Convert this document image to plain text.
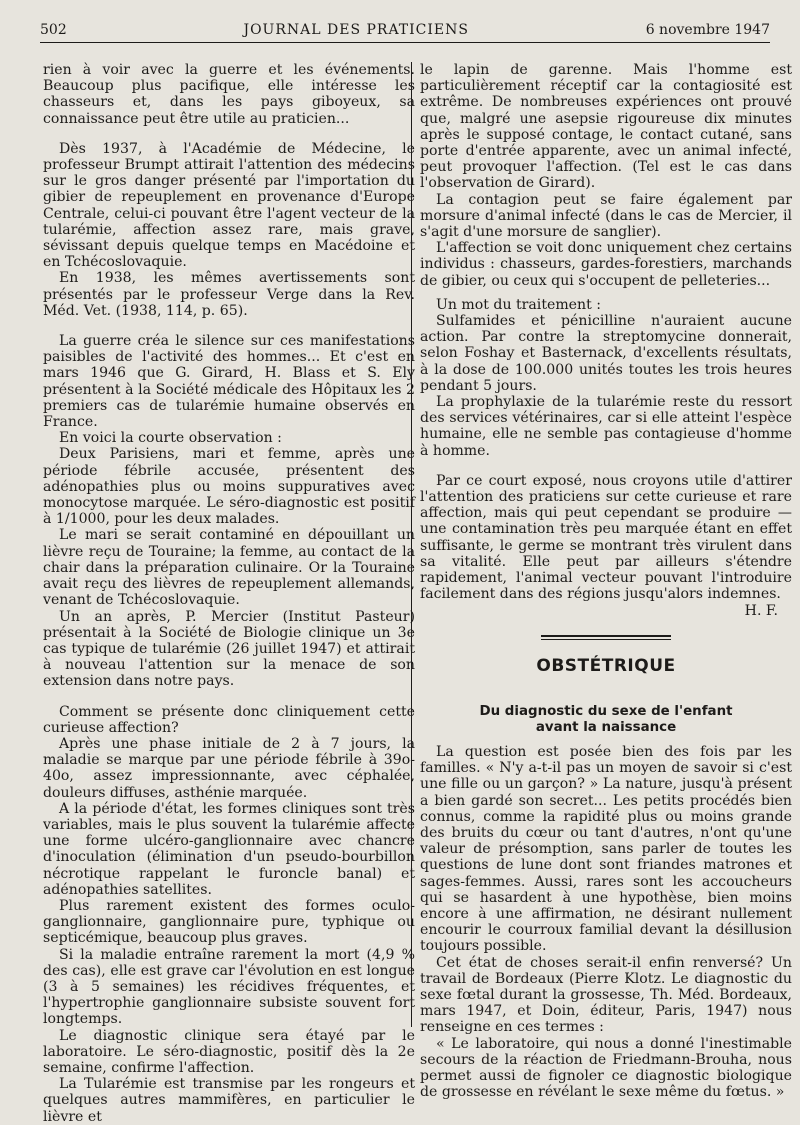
502	JOURNAL DES PRATICIENS	6 novembre 1947

rien à voir avec la guerre et les événements. Beaucoup plus pacifique, elle intéresse les chasseurs et, dans les pays giboyeux, sa connaissance peut être utile au praticien...

Dès 1937, à l'Académie de Médecine, le professeur Brumpt attirait l'attention des médecins sur le gros danger présenté par l'importation du gibier de repeuplement en provenance d'Europe Centrale, celui-ci pouvant être l'agent vecteur de la tularémie, affection assez rare, mais grave, sévissant depuis quelque temps en Macédoine et en Tchécoslovaquie.

En 1938, les mêmes avertissements sont présentés par le professeur Verge dans la Rev. Méd. Vet. (1938, 114, p. 65).

La guerre créa le silence sur ces manifestations paisibles de l'activité des hommes... Et c'est en mars 1946 que G. Girard, H. Blass et S. Ely présentent à la Société médicale des Hôpitaux les 2 premiers cas de tularémie humaine observés en France.

En voici la courte observation :

Deux Parisiens, mari et femme, après une période fébrile accusée, présentent des adénopathies plus ou moins suppuratives avec monocytose marquée. Le séro-diagnostic est positif à 1/1000, pour les deux malades.

Le mari se serait contaminé en dépouillant un lièvre reçu de Touraine; la femme, au contact de la chair dans la préparation culinaire. Or la Touraine avait reçu des lièvres de repeuplement allemands, venant de Tchécoslovaquie.

Un an après, P. Mercier (Institut Pasteur) présentait à la Société de Biologie clinique un 3e cas typique de tularémie (26 juillet 1947) et attirait à nouveau l'attention sur la menace de son extension dans notre pays.

Comment se présente donc cliniquement cette curieuse affection?

Après une phase initiale de 2 à 7 jours, la maladie se marque par une période fébrile à 39o-40o, assez impressionnante, avec céphalée, douleurs diffuses, asthénie marquée.

A la période d'état, les formes cliniques sont très variables, mais le plus souvent la tularémie affecte une forme ulcéro-ganglionnaire avec chancre d'inoculation (élimination d'un pseudo-bourbillon nécrotique rappelant le furoncle banal) et adénopathies satellites.

Plus rarement existent des formes oculo-ganglionnaire, ganglionnaire pure, typhique ou septicémique, beaucoup plus graves.

Si la maladie entraîne rarement la mort (4,9 % des cas), elle est grave car l'évolution en est longue (3 à 5 semaines) les récidives fréquentes, et l'hypertrophie ganglionnaire subsiste souvent fort longtemps.

Le diagnostic clinique sera étayé par le laboratoire. Le séro-diagnostic, positif dès la 2e semaine, confirme l'affection.

La Tularémie est transmise par les rongeurs et quelques autres mammifères, en particulier le lièvre et

le lapin de garenne. Mais l'homme est particulièrement réceptif car la contagiosité est extrême. De nombreuses expériences ont prouvé que, malgré une asepsie rigoureuse dix minutes après le supposé contage, le contact cutané, sans porte d'entrée apparente, avec un animal infecté, peut provoquer l'affection. (Tel est le cas dans l'observation de Girard).

La contagion peut se faire également par morsure d'animal infecté (dans le cas de Mercier, il s'agit d'une morsure de sanglier).

L'affection se voit donc uniquement chez certains individus : chasseurs, gardes-forestiers, marchands de gibier, ou ceux qui s'occupent de pelleteries...

Un mot du traitement :

Sulfamides et pénicilline n'auraient aucune action. Par contre la streptomycine donnerait, selon Foshay et Basternack, d'excellents résultats, à la dose de 100.000 unités toutes les trois heures pendant 5 jours.

La prophylaxie de la tularémie reste du ressort des services vétérinaires, car si elle atteint l'espèce humaine, elle ne semble pas contagieuse d'homme à homme.

Par ce court exposé, nous croyons utile d'attirer l'attention des praticiens sur cette curieuse et rare affection, mais qui peut cependant se produire — une contamination très peu marquée étant en effet suffisante, le germe se montrant très virulent dans sa vitalité. Elle peut par ailleurs s'étendre rapidement, l'animal vecteur pouvant l'introduire facilement dans des régions jusqu'alors indemnes.

H. F.

OBSTÉTRIQUE
Du diagnostic du sexe de l'enfant
avant la naissance

La question est posée bien des fois par les familles. « N'y a-t-il pas un moyen de savoir si c'est une fille ou un garçon? » La nature, jusqu'à présent a bien gardé son secret... Les petits procédés bien connus, comme la rapidité plus ou moins grande des bruits du cœur ou tant d'autres, n'ont qu'une valeur de présomption, sans parler de toutes les questions de lune dont sont friandes matrones et sages-femmes. Aussi, rares sont les accoucheurs qui se hasardent à une hypothèse, bien moins encore à une affirmation, ne désirant nullement encourir le courroux familial devant la désillusion toujours possible.

Cet état de choses serait-il enfin renversé? Un travail de Bordeaux (Pierre Klotz. Le diagnostic du sexe fœtal durant la grossesse, Th. Méd. Bordeaux, mars 1947, et Doin, éditeur, Paris, 1947) nous renseigne en ces termes :

« Le laboratoire, qui nous a donné l'inestimable secours de la réaction de Friedmann-Brouha, nous permet aussi de fignoler ce diagnostic biologique de grossesse en révélant le sexe même du fœtus. »
